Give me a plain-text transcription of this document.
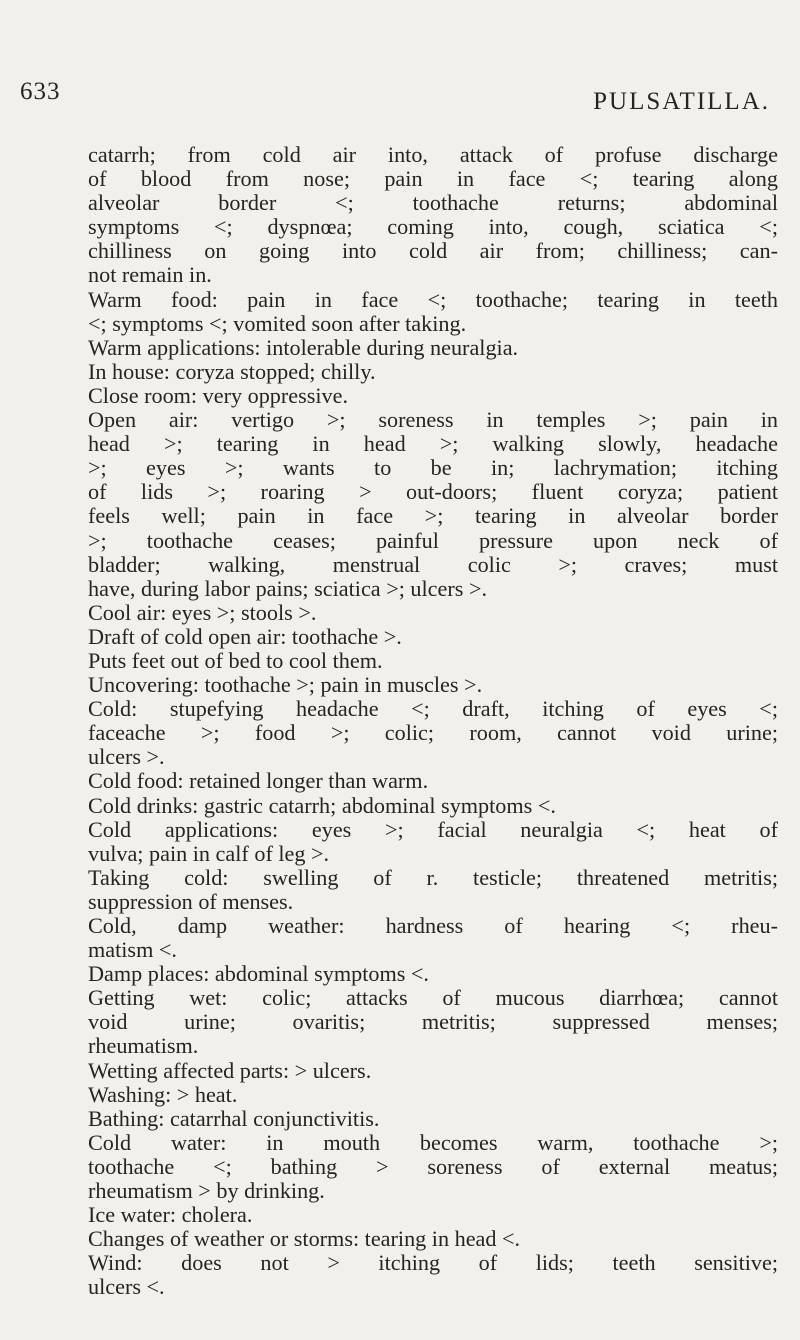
633	PULSATILLA.

catarrh; from cold air into, attack of profuse discharge
of blood from nose; pain in face <; tearing along
alveolar border <; toothache returns; abdominal
symptoms <; dyspnœa; coming into, cough, sciatica <;
chilliness on going into cold air from; chilliness; can-
not remain in.

Warm food: pain in face <; toothache; tearing in teeth
<; symptoms <; vomited soon after taking.

Warm applications: intolerable during neuralgia.

In house: coryza stopped; chilly.

Close room: very oppressive.

Open air: vertigo >; soreness in temples >; pain in
head >; tearing in head >; walking slowly, headache
>; eyes >; wants to be in; lachrymation; itching
of lids >; roaring > out-doors; fluent coryza; patient
feels well; pain in face >; tearing in alveolar border
>; toothache ceases; painful pressure upon neck of
bladder; walking, menstrual colic >; craves; must
have, during labor pains; sciatica >; ulcers >.

Cool air: eyes >; stools >.

Draft of cold open air: toothache >.

Puts feet out of bed to cool them.

Uncovering: toothache >; pain in muscles >.

Cold: stupefying headache <; draft, itching of eyes <;
faceache >; food >; colic; room, cannot void urine;
ulcers >.

Cold food: retained longer than warm.

Cold drinks: gastric catarrh; abdominal symptoms <.

Cold applications: eyes >; facial neuralgia <; heat of
vulva; pain in calf of leg >.

Taking cold: swelling of r. testicle; threatened metritis;
suppression of menses.

Cold, damp weather: hardness of hearing <; rheu-
matism <.

Damp places: abdominal symptoms <.

Getting wet: colic; attacks of mucous diarrhœa; cannot
void urine; ovaritis; metritis; suppressed menses;
rheumatism.

Wetting affected parts: > ulcers.

Washing: > heat.

Bathing: catarrhal conjunctivitis.

Cold water: in mouth becomes warm, toothache >;
toothache <; bathing > soreness of external meatus;
rheumatism > by drinking.

Ice water: cholera.

Changes of weather or storms: tearing in head <.

Wind: does not > itching of lids; teeth sensitive;
ulcers <.
